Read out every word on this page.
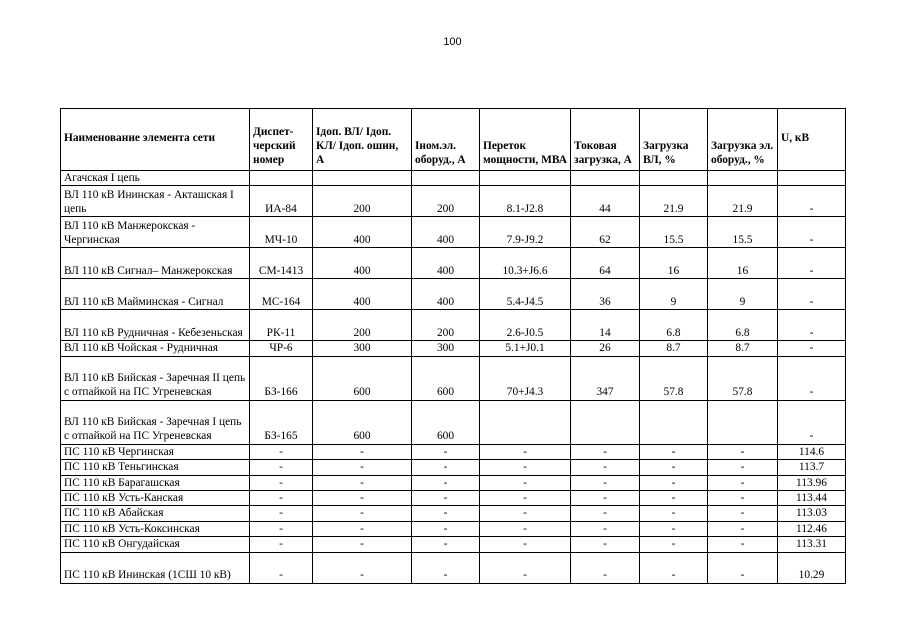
100
Наименование элемента сети	Диспет-черский номер	Iдоп. ВЛ/ Iдоп. КЛ/ Iдоп. ошин, А	Iном.эл. оборуд., А	Переток мощности, МВА	Токовая загрузка, А	Загрузка ВЛ, %	Загрузка эл. оборуд., %	U, кВ
Агачская I цепь								
ВЛ 110 кВ Ининская - Акташская I цепь	ИА-84	200	200	8.1-J2.8	44	21.9	21.9	-
ВЛ 110 кВ Манжерокская - Чергинская	МЧ-10	400	400	7.9-J9.2	62	15.5	15.5	-
ВЛ 110 кВ Сигнал– Манжерокская	СМ-1413	400	400	10.3+J6.6	64	16	16	-
ВЛ 110 кВ Майминская - Сигнал	МС-164	400	400	5.4-J4.5	36	9	9	-
ВЛ 110 кВ Рудничная - Кебезеньская	РК-11	200	200	2.6-J0.5	14	6.8	6.8	-
ВЛ 110 кВ Чойская - Рудничная	ЧР-6	300	300	5.1+J0.1	26	8.7	8.7	-
ВЛ 110 кВ Бийская - Заречная II цепь с отпайкой на ПС Угреневская	БЗ-166	600	600	70+J4.3	347	57.8	57.8	-
ВЛ 110 кВ Бийская - Заречная I цепь с отпайкой на ПС Угреневская	БЗ-165	600	600					-
ПС 110 кВ Чергинская	-	-	-	-	-	-	-	114.6
ПС 110 кВ Теньгинская	-	-	-	-	-	-	-	113.7
ПС 110 кВ Барагашская	-	-	-	-	-	-	-	113.96
ПС 110 кВ Усть-Канская	-	-	-	-	-	-	-	113.44
ПС 110 кВ Абайская	-	-	-	-	-	-	-	113.03
ПС 110 кВ Усть-Коксинская	-	-	-	-	-	-	-	112.46
ПС 110 кВ Онгудайская	-	-	-	-	-	-	-	113.31
ПС 110 кВ Ининская (1СШ 10 кВ)	-	-	-	-	-	-	-	10.29
